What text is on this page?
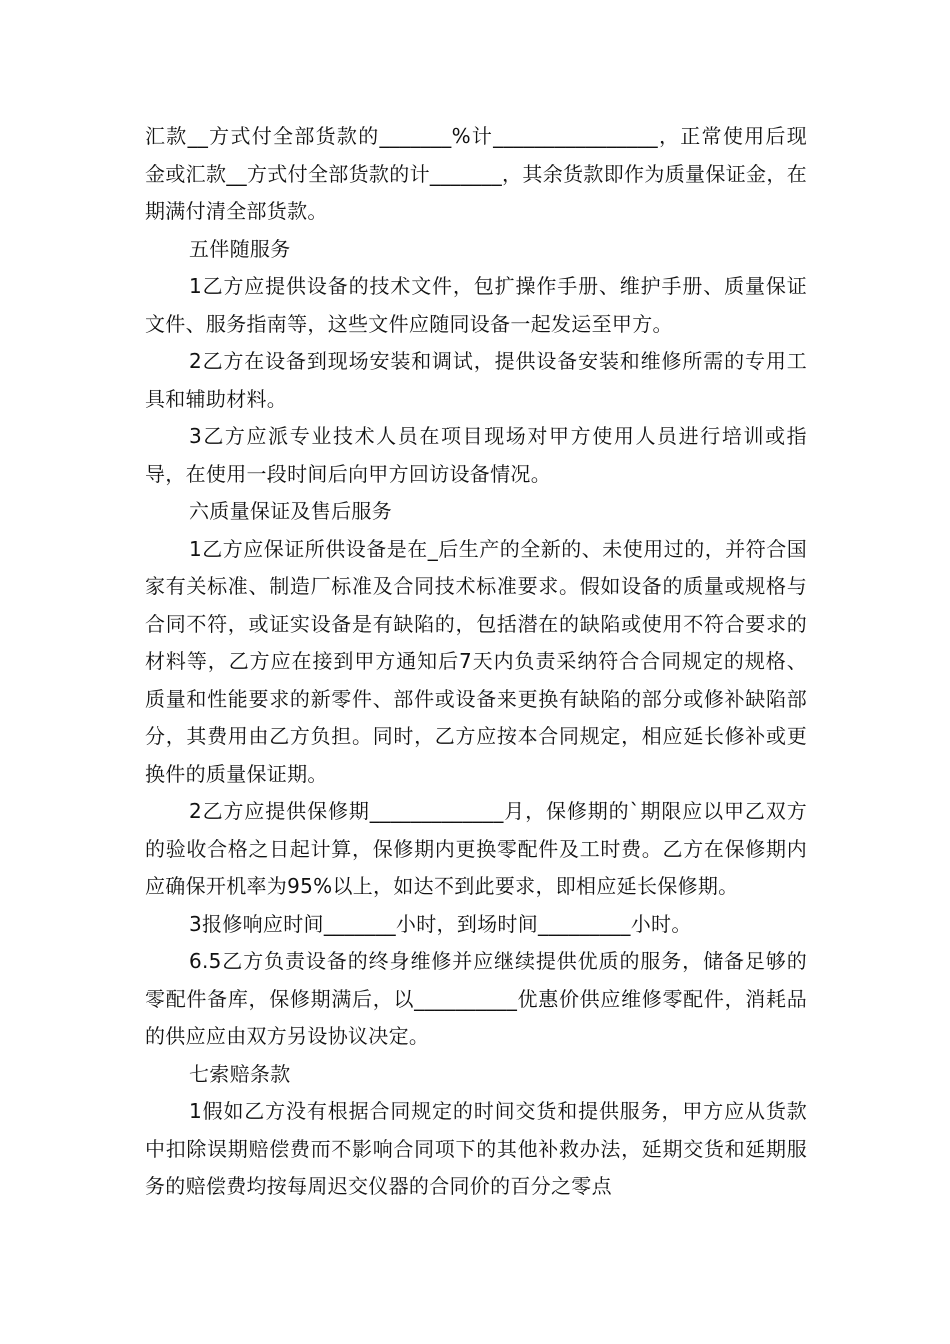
汇款__方式付全部货款的_______%计________________，正常使用后现金或汇款__方式付全部货款的计_______，其余货款即作为质量保证金，在期满付清全部货款。

五伴随服务

1乙方应提供设备的技术文件，包扩操作手册、维护手册、质量保证文件、服务指南等，这些文件应随同设备一起发运至甲方。

2乙方在设备到现场安装和调试，提供设备安装和维修所需的专用工具和辅助材料。

3乙方应派专业技术人员在项目现场对甲方使用人员进行培训或指导，在使用一段时间后向甲方回访设备情况。

六质量保证及售后服务

1乙方应保证所供设备是在_后生产的全新的、未使用过的，并符合国家有关标准、制造厂标准及合同技术标准要求。假如设备的质量或规格与合同不符，或证实设备是有缺陷的，包括潜在的缺陷或使用不符合要求的材料等，乙方应在接到甲方通知后7天内负责采纳符合合同规定的规格、质量和性能要求的新零件、部件或设备来更换有缺陷的部分或修补缺陷部分，其费用由乙方负担。同时，乙方应按本合同规定，相应延长修补或更换件的质量保证期。

2乙方应提供保修期_____________月，保修期的`期限应以甲乙双方的验收合格之日起计算，保修期内更换零配件及工时费。乙方在保修期内应确保开机率为95%以上，如达不到此要求，即相应延长保修期。

3报修响应时间_______小时，到场时间_________小时。

6.5乙方负责设备的终身维修并应继续提供优质的服务，储备足够的零配件备库，保修期满后，以__________优惠价供应维修零配件，消耗品的供应应由双方另设协议决定。

七索赔条款

1假如乙方没有根据合同规定的时间交货和提供服务，甲方应从货款中扣除误期赔偿费而不影响合同项下的其他补救办法，延期交货和延期服务的赔偿费均按每周迟交仪器的合同价的百分之零点
